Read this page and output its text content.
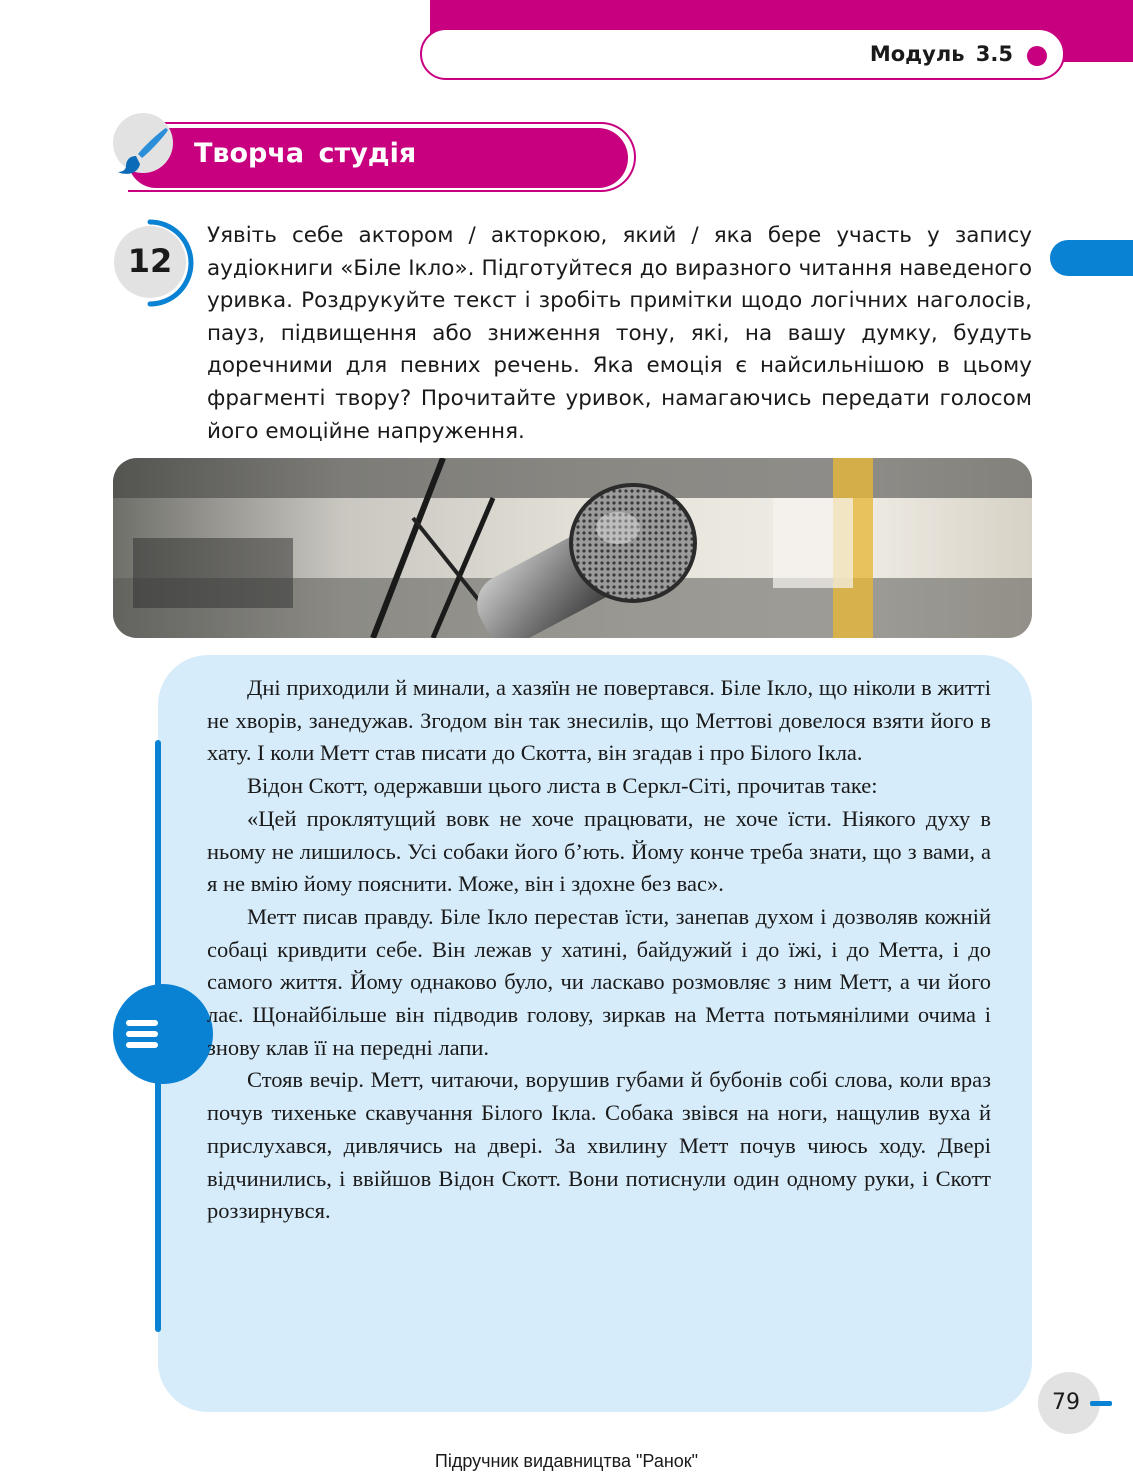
Модуль 3.5
Творча студія
12
Уявіть себе актором / акторкою, який / яка бере участь у запису аудіокниги «Біле Ікло». Підготуйтеся до виразного читання наведеного уривка. Роздрукуйте текст і зробіть примітки щодо логічних наголосів, пауз, підвищення або зниження тону, які, на вашу думку, будуть доречними для певних речень. Яка емоція є найсильнішою в цьому фрагменті твору? Прочитайте уривок, намагаючись передати голосом його емоційне напруження.

Дні приходили й минали, а хазяїн не повертався. Біле Ікло, що ніколи в житті не хворів, занедужав. Згодом він так знесилів, що Меттові довелося взяти його в хату. І коли Метт став писати до Скотта, він згадав і про Білого Ікла.

Відон Скотт, одержавши цього листа в Серкл-Сіті, прочитав таке:

«Цей проклятущий вовк не хоче працювати, не хоче їсти. Ніякого духу в ньому не лишилось. Усі собаки його б’ють. Йому конче треба знати, що з вами, а я не вмію йому пояснити. Може, він і здохне без вас».

Метт писав правду. Біле Ікло перестав їсти, занепав духом і дозволяв кожній собаці кривдити себе. Він лежав у хатині, байдужий і до їжі, і до Метта, і до самого життя. Йому однаково було, чи ласкаво розмовляє з ним Метт, а чи його лає. Щонайбільше він підводив голову, зиркав на Метта потьмянілими очима і знову клав її на передні лапи.

Стояв вечір. Метт, читаючи, ворушив губами й бубонів собі слова, коли враз почув тихеньке скавучання Білого Ікла. Собака звівся на ноги, нащулив вуха й прислухався, дивлячись на двері. За хвилину Метт почув чиюсь ходу. Двері відчинились, і ввійшов Відон Скотт. Вони потиснули один одному руки, і Скотт роззирнувся.

79
Підручник видавництва "Ранок"
